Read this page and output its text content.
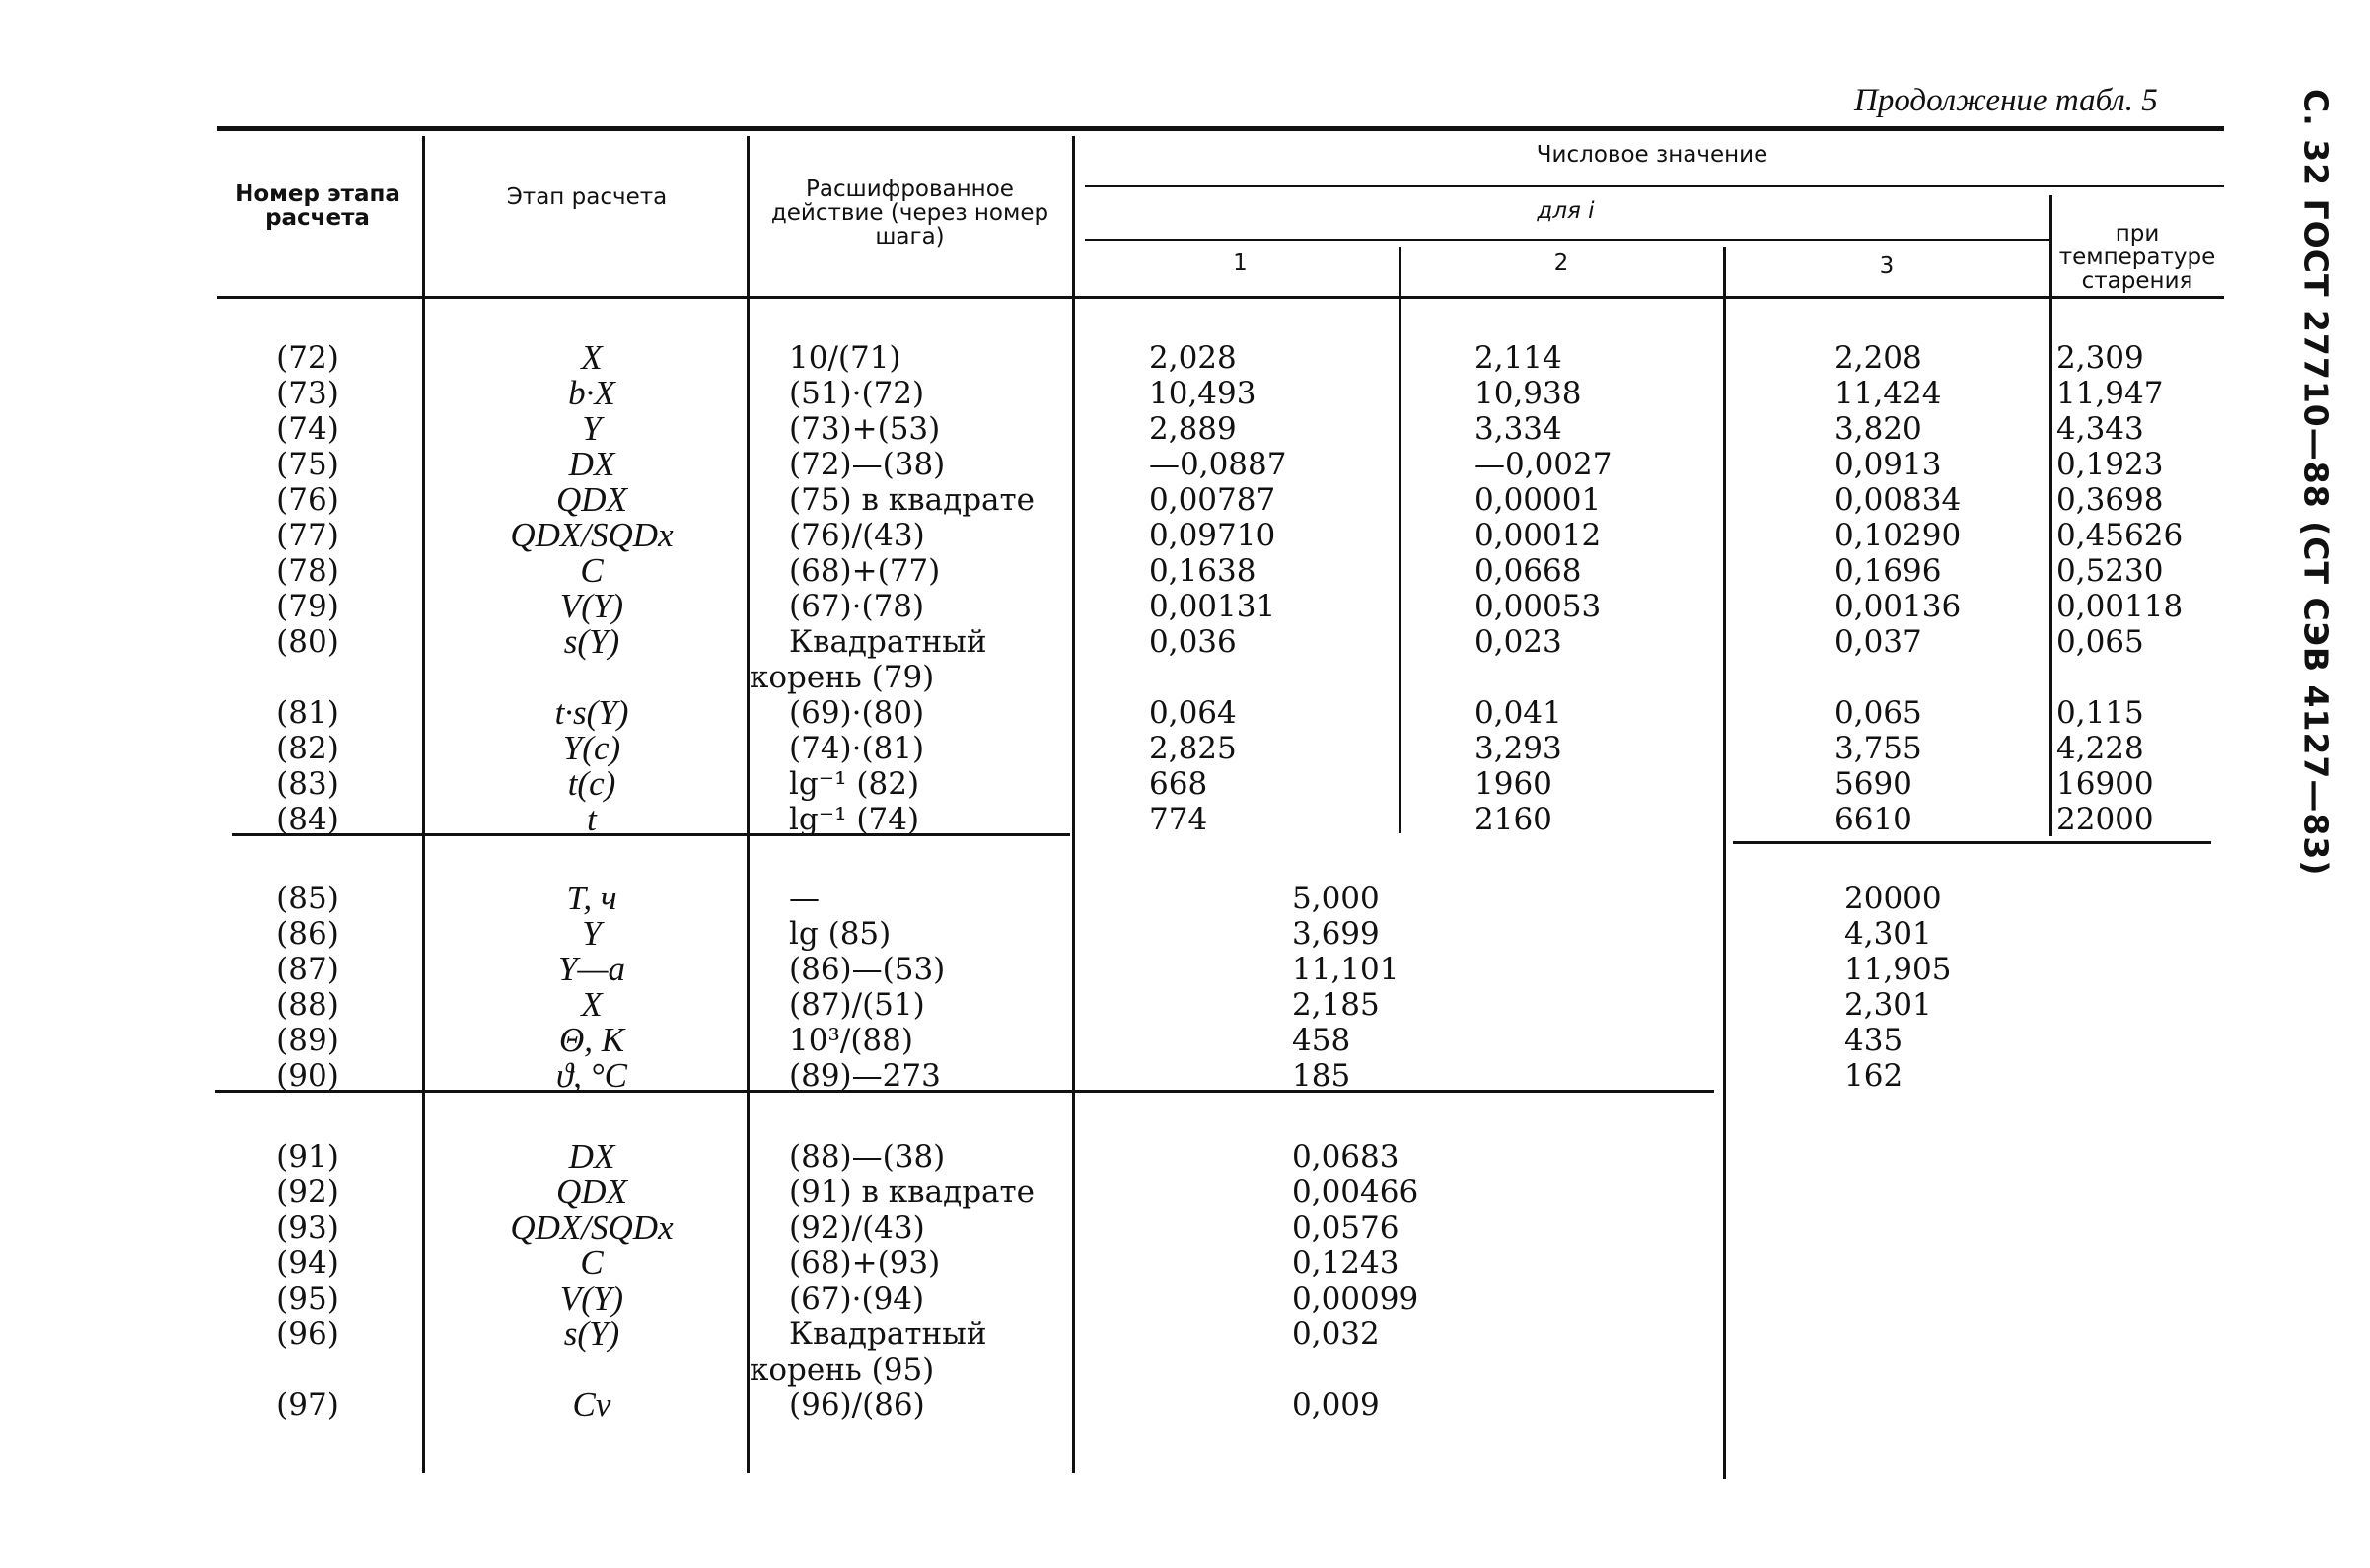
Продолжение табл. 5	С. 32 ГОСТ 27710—88 (СТ СЭВ 4127—83)
Номер этапа расчета
Этап расчета	Расшифрованное действие (через номер шага)
Числовое значение
для i
1	2	3
при температуре старения
(72)	X	10/(71)	2,028	2,114	2,208	2,309
(73)	b·X	(51)·(72)	10,493	10,938	11,424	11,947
(74)	Y	(73)+(53)	2,889	3,334	3,820	4,343
(75)	DX	(72)—(38)	—0,0887	—0,0027	0,0913	0,1923
(76)	QDX	(75) в квадрате	0,00787	0,00001	0,00834	0,3698
(77)	QDX/SQDx	(76)/(43)	0,09710	0,00012	0,10290	0,45626
(78)	C	(68)+(77)	0,1638	0,0668	0,1696	0,5230
(79)	V(Y)	(67)·(78)	0,00131	0,00053	0,00136	0,00118
(80)	s(Y)	Квадратный	0,036	0,023	0,037	0,065
корень (79)
(81)	t·s(Y)	(69)·(80)	0,064	0,041	0,065	0,115
(82)	Y(c)	(74)·(81)	2,825	3,293	3,755	4,228
(83)	t(c)	lg⁻¹ (82)	668	1960	5690	16900
(84)	t	lg⁻¹ (74)	774	2160	6610	22000
(85)	T, ч	—	5,000	20000
(86)	Y	lg (85)	3,699	4,301
(87)	Y—a	(86)—(53)	11,101	11,905
(88)	X	(87)/(51)	2,185	2,301
(89)	Θ, K	10³/(88)	458	435
(90)	ϑ, °C	(89)—273	185	162
(91)	DX	(88)—(38)	0,0683
(92)	QDX	(91) в квадрате	0,00466
(93)	QDX/SQDx	(92)/(43)	0,0576
(94)	C	(68)+(93)	0,1243
(95)	V(Y)	(67)·(94)	0,00099
(96)	s(Y)	Квадратный	0,032
корень (95)
(97)	Cv	(96)/(86)	0,009
